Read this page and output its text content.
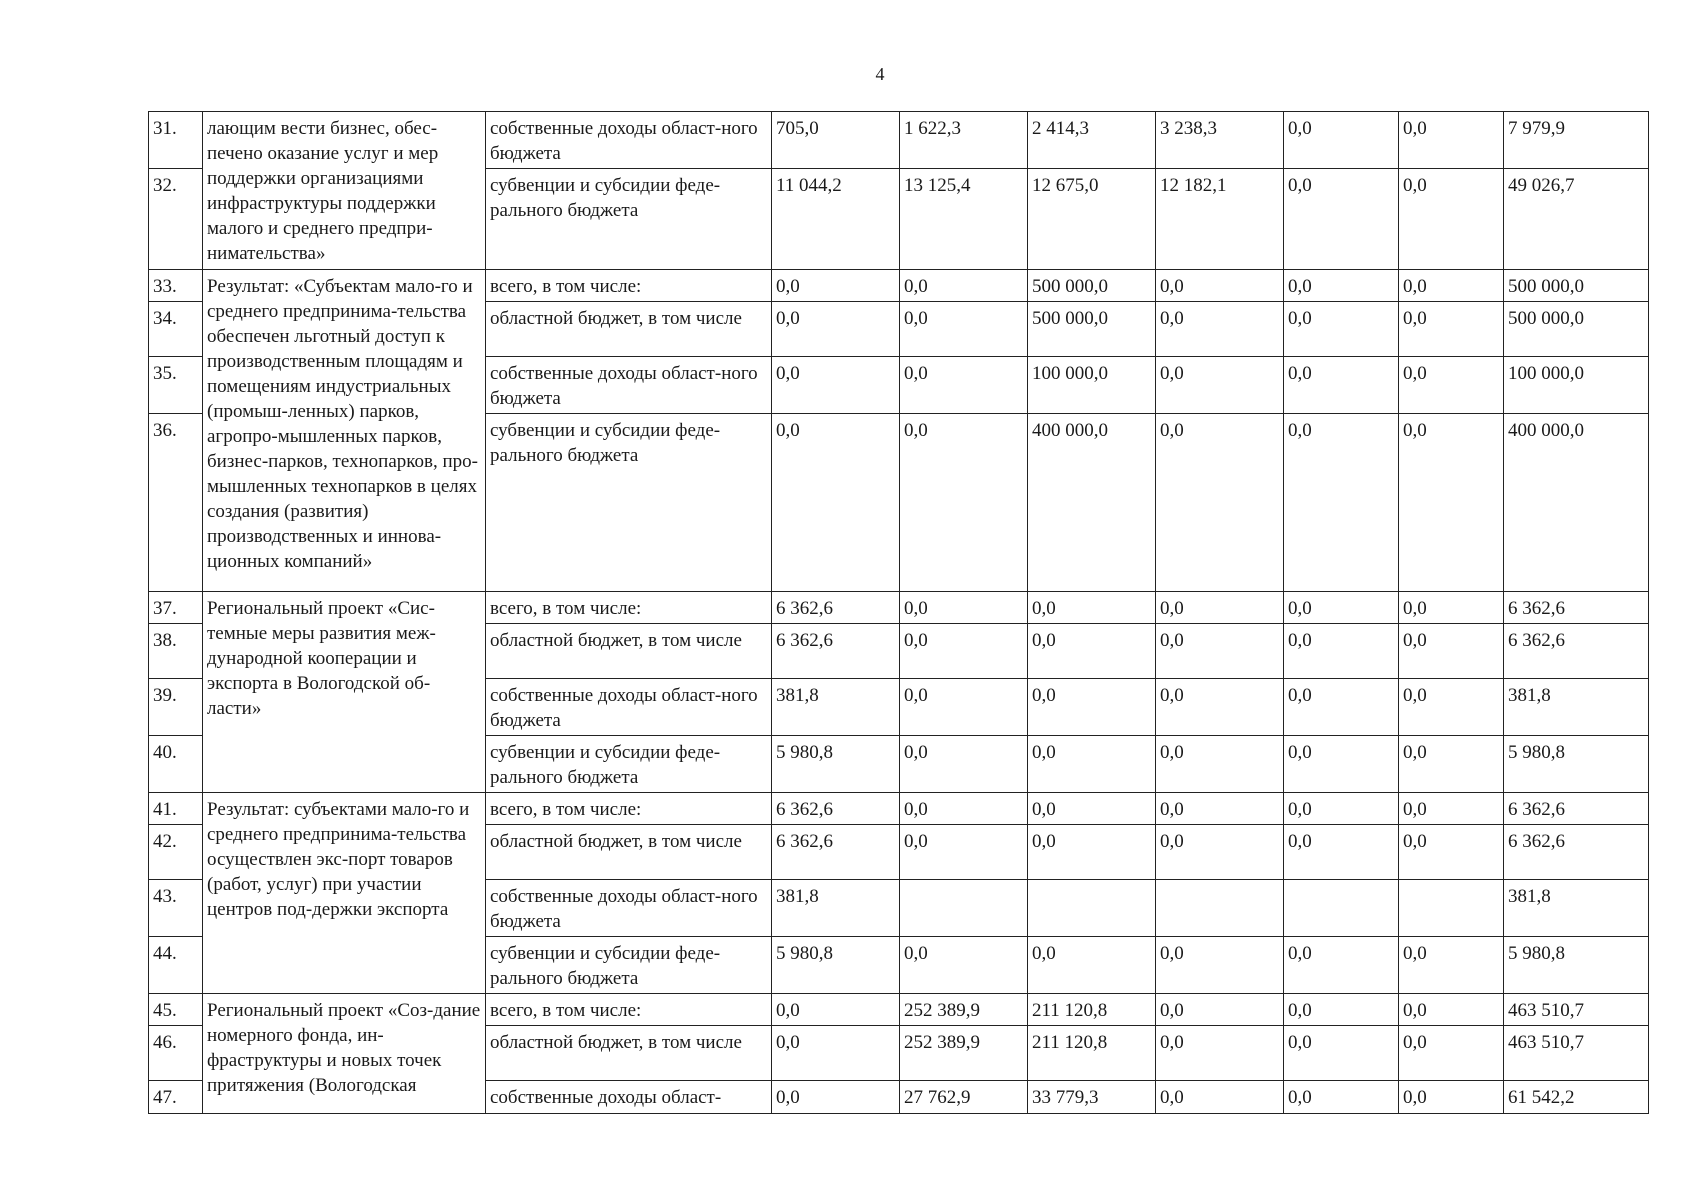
4
31.	лающим вести бизнес, обес-печено оказание услуг и мер поддержки организациями инфраструктуры поддержки малого и среднего предпри-нимательства»	собственные доходы област-ного бюджета	705,0	1 622,3	2 414,3	3 238,3	0,0	0,0	7 979,9
32.		субвенции и субсидии феде-рального бюджета	11 044,2	13 125,4	12 675,0	12 182,1	0,0	0,0	49 026,7
33.	Результат: «Субъектам мало-го и среднего предпринима-тельства обеспечен льготный доступ к производственным площадям и помещениям индустриальных (промыш-ленных) парков, агропро-мышленных парков, бизнес-парков, технопарков, про-мышленных технопарков в целях создания (развития) производственных и иннова-ционных компаний»	всего, в том числе:	0,0	0,0	500 000,0	0,0	0,0	0,0	500 000,0
34.		областной бюджет, в том числе	0,0	0,0	500 000,0	0,0	0,0	0,0	500 000,0
35.		собственные доходы област-ного бюджета	0,0	0,0	100 000,0	0,0	0,0	0,0	100 000,0
36.		субвенции и субсидии феде-рального бюджета	0,0	0,0	400 000,0	0,0	0,0	0,0	400 000,0
37.	Региональный проект «Сис-темные меры развития меж-дународной кооперации и экспорта в Вологодской об-ласти»	всего, в том числе:	6 362,6	0,0	0,0	0,0	0,0	0,0	6 362,6
38.		областной бюджет, в том числе	6 362,6	0,0	0,0	0,0	0,0	0,0	6 362,6
39.		собственные доходы област-ного бюджета	381,8	0,0	0,0	0,0	0,0	0,0	381,8
40.		субвенции и субсидии феде-рального бюджета	5 980,8	0,0	0,0	0,0	0,0	0,0	5 980,8
41.	Результат: субъектами мало-го и среднего предпринима-тельства осуществлен экс-порт товаров (работ, услуг) при участии центров под-держки экспорта	всего, в том числе:	6 362,6	0,0	0,0	0,0	0,0	0,0	6 362,6
42.		областной бюджет, в том числе	6 362,6	0,0	0,0	0,0	0,0	0,0	6 362,6
43.		собственные доходы област-ного бюджета	381,8						381,8
44.		субвенции и субсидии феде-рального бюджета	5 980,8	0,0	0,0	0,0	0,0	0,0	5 980,8
45.	Региональный проект «Соз-дание номерного фонда, ин-фраструктуры и новых точек притяжения (Вологодская	всего, в том числе:	0,0	252 389,9	211 120,8	0,0	0,0	0,0	463 510,7
46.		областной бюджет, в том числе	0,0	252 389,9	211 120,8	0,0	0,0	0,0	463 510,7
47.		собственные доходы област-	0,0	27 762,9	33 779,3	0,0	0,0	0,0	61 542,2
